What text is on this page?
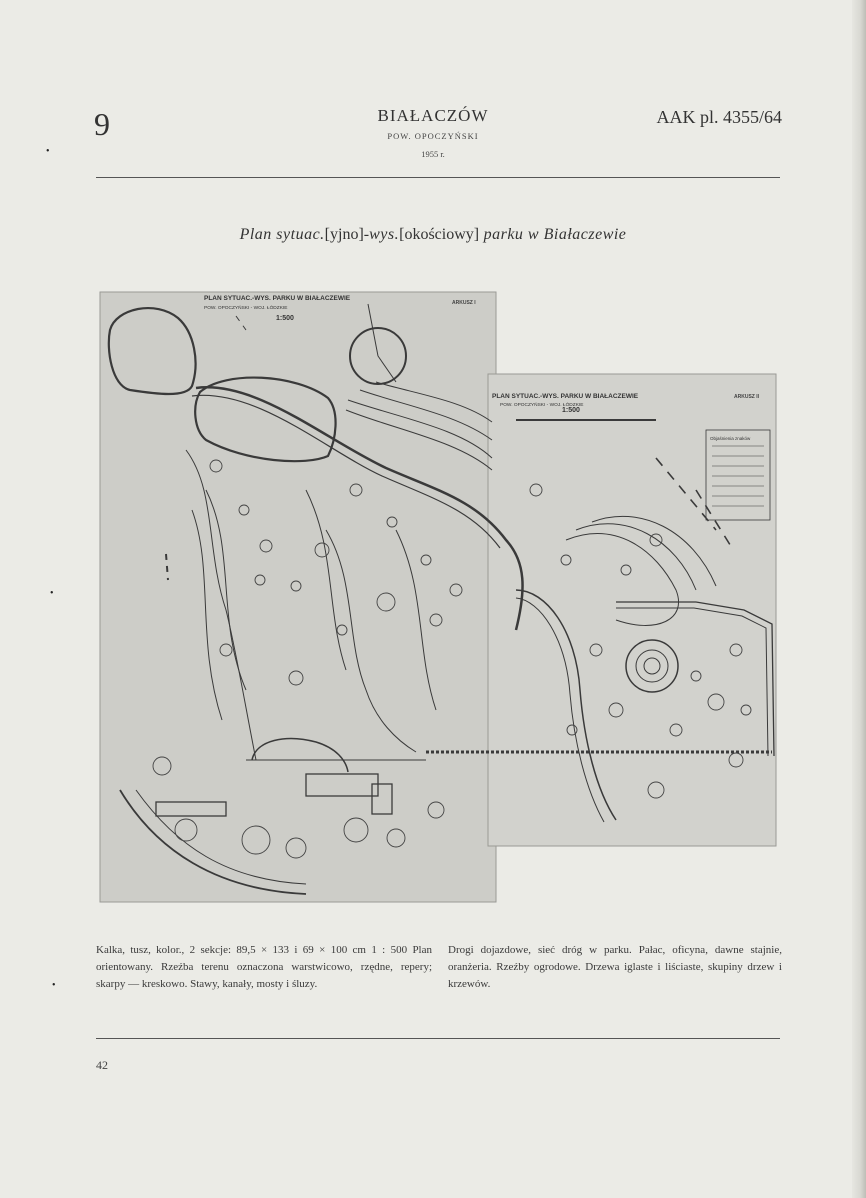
9	BIAŁACZÓW
POW. OPOCZYŃSKI
1955 r.
AAK pl. 4355/64
Plan sytuac.[yjno]-wys.[okościowy] parku w Białaczewie
PLAN SYTUAC.-WYS. PARKU W BIAŁACZEWIE
POW. OPOCZYŃSKI - WOJ. ŁÓDZKIE
1:500
ARKUSZ I
PLAN SYTUAC.-WYS. PARKU W BIAŁACZEWIE
POW. OPOCZYŃSKI - WOJ. ŁÓDZKIE
1:500
ARKUSZ II
Objaśnienia znaków
Kalka, tusz, kolor., 2 sekcje: 89,5 × 133 i 69 × 100 cm 1 : 500 Plan orientowany. Rzeźba terenu oznaczona warstwicowo, rzędne, repery; skarpy — kreskowo. Stawy, kanały, mosty i śluzy.
Drogi dojazdowe, sieć dróg w parku. Pałac, oficyna, dawne stajnie, oranżeria. Rzeźby ogrodowe. Drzewa iglaste i liściaste, skupiny drzew i krzewów.
42
•
•
•
